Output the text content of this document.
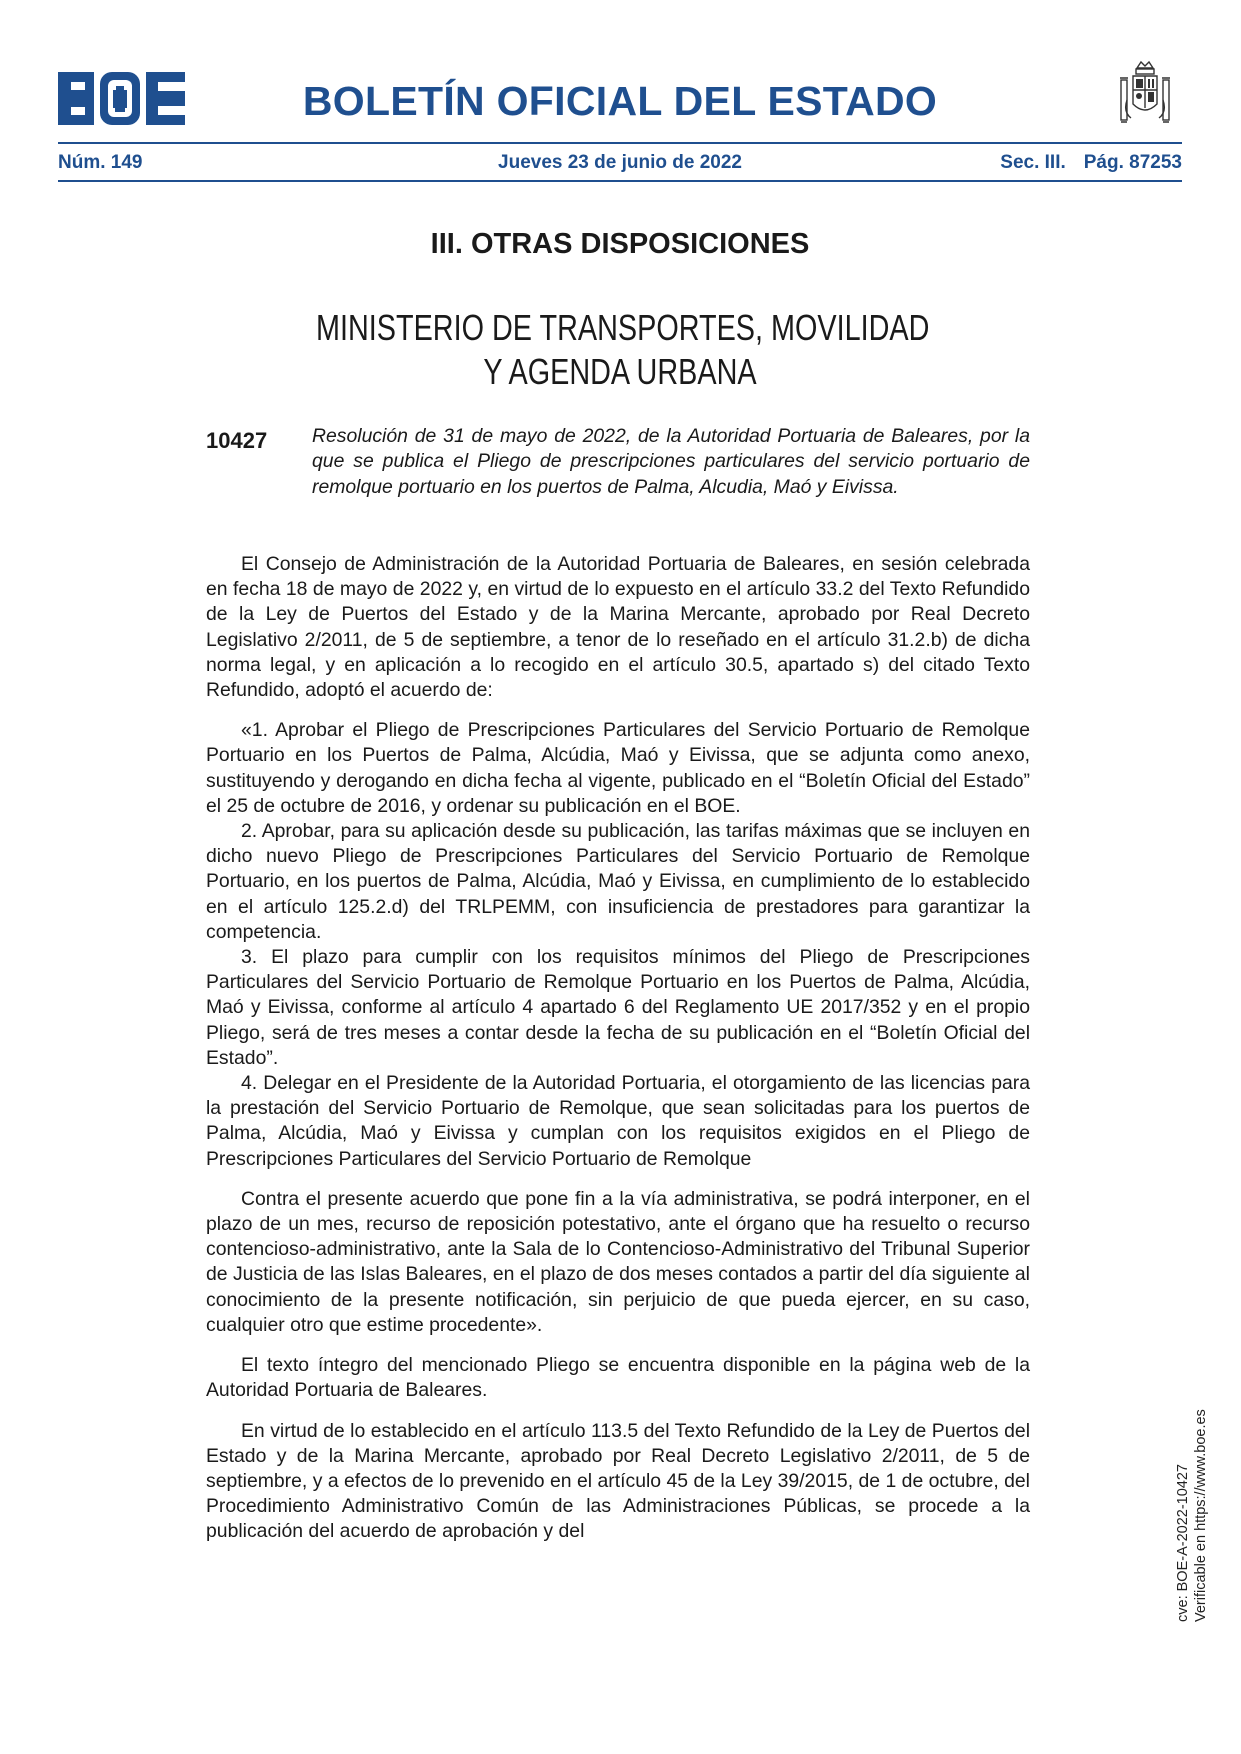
BOLETÍN OFICIAL DEL ESTADO
Núm. 149	Jueves 23 de junio de 2022	Sec. III. Pág. 87253
III. OTRAS DISPOSICIONES
MINISTERIO DE TRANSPORTES, MOVILIDAD
Y AGENDA URBANA
10427 Resolución de 31 de mayo de 2022, de la Autoridad Portuaria de Baleares, por la que se publica el Pliego de prescripciones particulares del servicio portuario de remolque portuario en los puertos de Palma, Alcudia, Maó y Eivissa.

El Consejo de Administración de la Autoridad Portuaria de Baleares, en sesión celebrada en fecha 18 de mayo de 2022 y, en virtud de lo expuesto en el artículo 33.2 del Texto Refundido de la Ley de Puertos del Estado y de la Marina Mercante, aprobado por Real Decreto Legislativo 2/2011, de 5 de septiembre, a tenor de lo reseñado en el artículo 31.2.b) de dicha norma legal, y en aplicación a lo recogido en el artículo 30.5, apartado s) del citado Texto Refundido, adoptó el acuerdo de:

«1. Aprobar el Pliego de Prescripciones Particulares del Servicio Portuario de Remolque Portuario en los Puertos de Palma, Alcúdia, Maó y Eivissa, que se adjunta como anexo, sustituyendo y derogando en dicha fecha al vigente, publicado en el “Boletín Oficial del Estado” el 25 de octubre de 2016, y ordenar su publicación en el BOE.

2. Aprobar, para su aplicación desde su publicación, las tarifas máximas que se incluyen en dicho nuevo Pliego de Prescripciones Particulares del Servicio Portuario de Remolque Portuario, en los puertos de Palma, Alcúdia, Maó y Eivissa, en cumplimiento de lo establecido en el artículo 125.2.d) del TRLPEMM, con insuficiencia de prestadores para garantizar la competencia.

3. El plazo para cumplir con los requisitos mínimos del Pliego de Prescripciones Particulares del Servicio Portuario de Remolque Portuario en los Puertos de Palma, Alcúdia, Maó y Eivissa, conforme al artículo 4 apartado 6 del Reglamento UE 2017/352 y en el propio Pliego, será de tres meses a contar desde la fecha de su publicación en el “Boletín Oficial del Estado”.

4. Delegar en el Presidente de la Autoridad Portuaria, el otorgamiento de las licencias para la prestación del Servicio Portuario de Remolque, que sean solicitadas para los puertos de Palma, Alcúdia, Maó y Eivissa y cumplan con los requisitos exigidos en el Pliego de Prescripciones Particulares del Servicio Portuario de Remolque

Contra el presente acuerdo que pone fin a la vía administrativa, se podrá interponer, en el plazo de un mes, recurso de reposición potestativo, ante el órgano que ha resuelto o recurso contencioso-administrativo, ante la Sala de lo Contencioso-Administrativo del Tribunal Superior de Justicia de las Islas Baleares, en el plazo de dos meses contados a partir del día siguiente al conocimiento de la presente notificación, sin perjuicio de que pueda ejercer, en su caso, cualquier otro que estime procedente».

El texto íntegro del mencionado Pliego se encuentra disponible en la página web de la Autoridad Portuaria de Baleares.

En virtud de lo establecido en el artículo 113.5 del Texto Refundido de la Ley de Puertos del Estado y de la Marina Mercante, aprobado por Real Decreto Legislativo 2/2011, de 5 de septiembre, y a efectos de lo prevenido en el artículo 45 de la Ley 39/2015, de 1 de octubre, del Procedimiento Administrativo Común de las Administraciones Públicas, se procede a la publicación del acuerdo de aprobación y del	cve: BOE-A-2022-10427 Verificable en https://www.boe.es
